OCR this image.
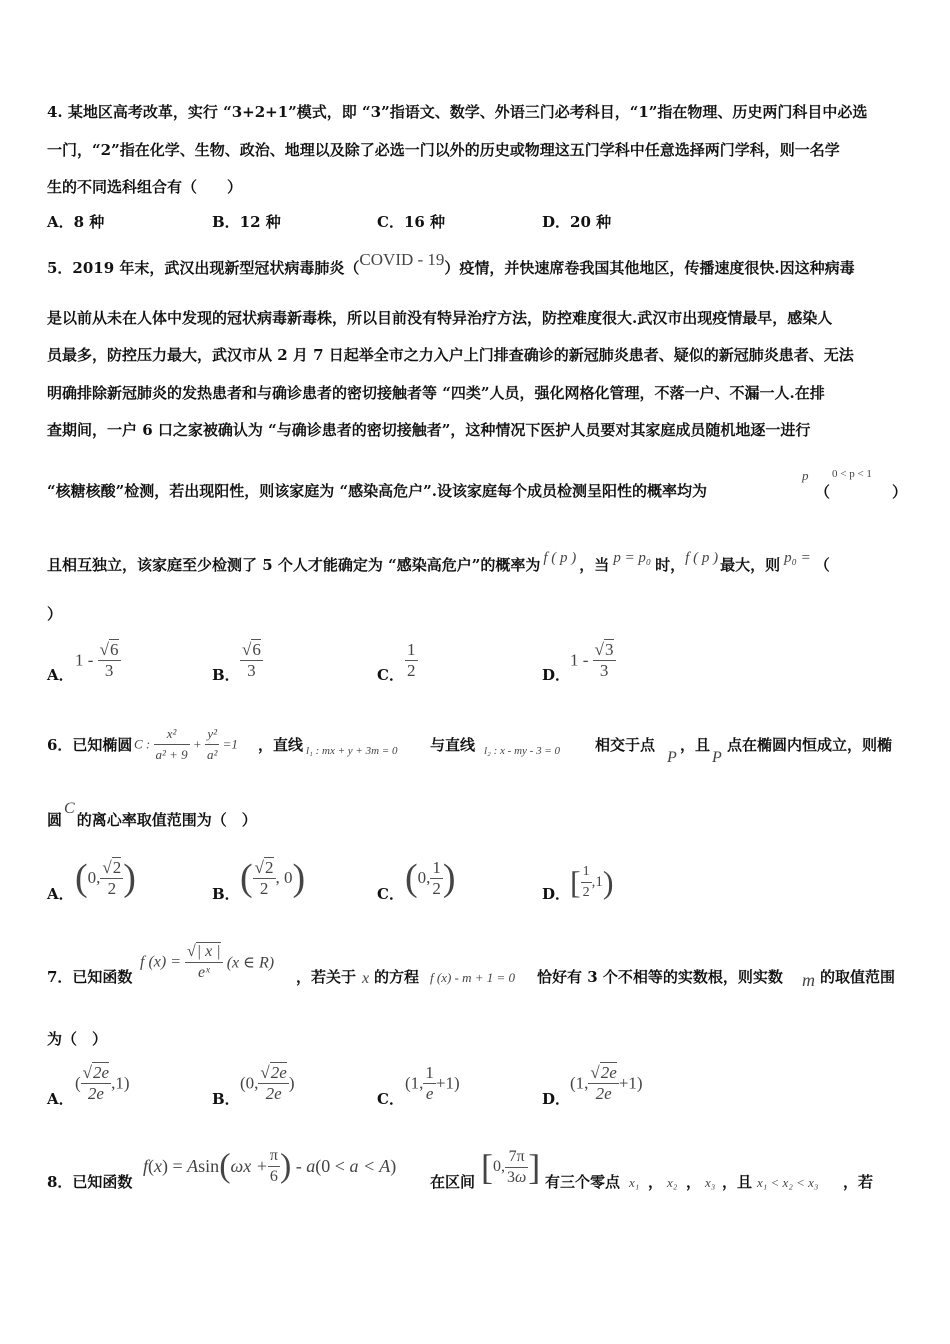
4. 某地区高考改革，实行 “3+2+1”模式，即 “3”指语文、数学、外语三门必考科目，“1”指在物理、历史两门科目中必选
一门，“2”指在化学、生物、政治、地理以及除了必选一门以外的历史或物理这五门学科中任意选择两门学科，则一名学
生的不同选科组合有（　　）
A．8 种	B．12 种	C．16 种	D．20 种
5．2019 年末，武汉出现新型冠状病毒肺炎（COVID - 19）疫情，并快速席卷我国其他地区，传播速度很快.因这种病毒
是以前从未在人体中发现的冠状病毒新毒株，所以目前没有特异治疗方法，防控难度很大.武汉市出现疫情最早，感染人
员最多，防控压力最大，武汉市从 2 月 7 日起举全市之力入户上门排查确诊的新冠肺炎患者、疑似的新冠肺炎患者、无法
明确排除新冠肺炎的发热患者和与确诊患者的密切接触者等 “四类”人员，强化网格化管理，不落一户、不漏一人.在排
查期间，一户 6 口之家被确认为 “与确诊患者的密切接触者”，这种情况下医护人员要对其家庭成员随机地逐一进行
“核糖核酸”检测，若出现阳性，则该家庭为 “感染高危户”.设该家庭每个成员检测呈阳性的概率均为
p
（
0 < p < 1
）
且相互独立，该家庭至少检测了 5 个人才能确定为 “感染高危户”的概率为 f ( p ) ，当 p = p₀ 时，f ( p ) 最大，则 p₀ = （
）
A．
$1 - \frac{√6}{3}$	B． $\frac{√6}{3}$	C． $\frac{1}{2}$	D．
$1 - \frac{√3}{3}$
6．已知椭圆 C : $\frac{\text{x²}}{\text{a² + 9}} + \frac{\text{y²}}{\text{a²}} =1$ ，直线 l₁ : mx + y + 3m = 0 与直线 l₂ : x - my - 3 = 0 相交于点
P
，且
P
点在椭圆内恒成立，则椭
圆C的离心率取值范围为（　）
A． (0, $\frac{√2}{2}$ )	B． ( $\frac{√2}{2}$ , 0)	C． (0, $\frac{1}{2}$ )	D． [ $\frac{1}{2} ,1$)
7．已知函数
f $(x) = \frac{√| x |}{\text{eˣ}} (x$ ∈ R)
，若关于 x 的方程 f (x) - m + 1 = 0 恰好有 3 个不相等的实数根，则实数 m 的取值范围
为（　）
A．
( $\frac{√2e}{2e} ,1$)
B．
(0, $\frac{√2e}{2e}$ )
C．
(1, $\frac{1}{e} +1$)
D．
(1, $\frac{√2e}{2e} +1$)
8．已知函数
$f(x) = Asin(\omega x + \frac{\pi}{6}$ ) - a(0 < a < A)
在区间 [0, $\frac{7\pi}{3\omega}$ ] 有三个零点 x₁ ， x₂ ， x₃ ，且 x₁ < x₂ < x₃ ，若
